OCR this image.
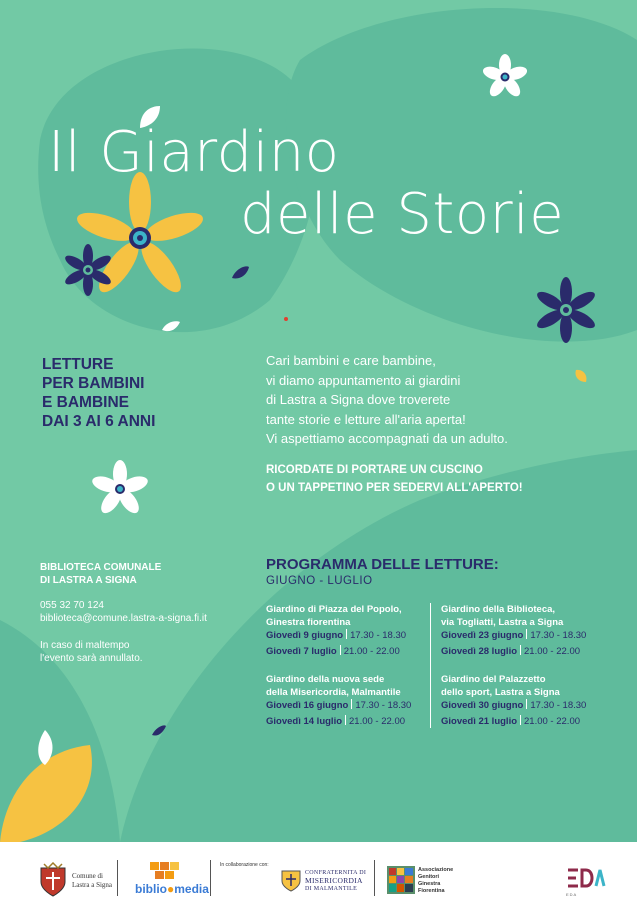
Il Giardino
delle Storie
LETTURE
PER BAMBINI
E BAMBINE
DAI 3 AI 6 ANNI
Cari bambini e care bambine,
vi diamo appuntamento ai giardini
di Lastra a Signa dove troverete
tante storie e letture all'aria aperta!
Vi aspettiamo accompagnati da un adulto.
RICORDATE DI PORTARE UN CUSCINO
O UN TAPPETINO PER SEDERVI ALL'APERTO!
BIBLIOTECA COMUNALE
DI LASTRA A SIGNA
055 32 70 124
biblioteca@comune.lastra-a-signa.fi.it
In caso di maltempo
l'evento sarà annullato.
PROGRAMMA DELLE LETTURE:
GIUGNO - LUGLIO
Giardino di Piazza del Popolo,
Ginestra fiorentina
Giovedì 9 giugno 17.30 - 18.30
Giovedì 7 luglio 21.00 - 22.00
Giardino della nuova sede
della Misericordia, Malmantile
Giovedì 16 giugno 17.30 - 18.30
Giovedì 14 luglio 21.00 - 22.00
Giardino della Biblioteca,
via Togliatti, Lastra a Signa
Giovedì 23 giugno 17.30 - 18.30
Giovedì 28 luglio 21.00 - 22.00
Giardino del Palazzetto
dello sport, Lastra a Signa
Giovedì 30 giugno 17.30 - 18.30
Giovedì 21 luglio 21.00 - 22.00
Comune di
Lastra a Signa biblio●media
In collaborazione con:
CONFRATERNITA DI
MISERICORDIA
DI MALMANTILE
Associazione
Genitori
Ginestra
Fiorentina
EDA
